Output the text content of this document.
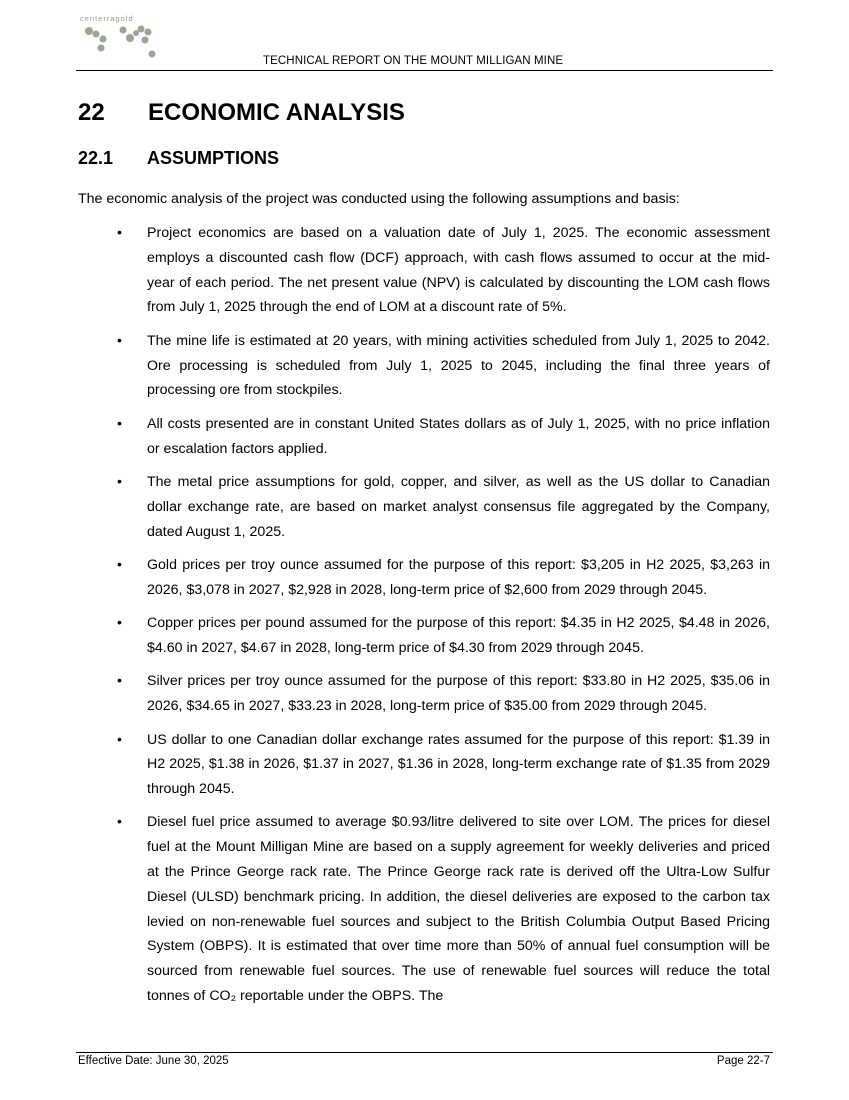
centerragold
TECHNICAL REPORT ON THE MOUNT MILLIGAN MINE
22 ECONOMIC ANALYSIS
22.1 ASSUMPTIONS

The economic analysis of the project was conducted using the following assumptions and basis:

• Project economics are based on a valuation date of July 1, 2025. The economic assessment employs a discounted cash flow (DCF) approach, with cash flows assumed to occur at the mid-year of each period. The net present value (NPV) is calculated by discounting the LOM cash flows from July 1, 2025 through the end of LOM at a discount rate of 5%.
• The mine life is estimated at 20 years, with mining activities scheduled from July 1, 2025 to 2042. Ore processing is scheduled from July 1, 2025 to 2045, including the final three years of processing ore from stockpiles.
• All costs presented are in constant United States dollars as of July 1, 2025, with no price inflation or escalation factors applied.
• The metal price assumptions for gold, copper, and silver, as well as the US dollar to Canadian dollar exchange rate, are based on market analyst consensus file aggregated by the Company, dated August 1, 2025.
• Gold prices per troy ounce assumed for the purpose of this report: $3,205 in H2 2025, $3,263 in 2026, $3,078 in 2027, $2,928 in 2028, long-term price of $2,600 from 2029 through 2045.
• Copper prices per pound assumed for the purpose of this report: $4.35 in H2 2025, $4.48 in 2026, $4.60 in 2027, $4.67 in 2028, long-term price of $4.30 from 2029 through 2045.
• Silver prices per troy ounce assumed for the purpose of this report: $33.80 in H2 2025, $35.06 in 2026, $34.65 in 2027, $33.23 in 2028, long-term price of $35.00 from 2029 through 2045.
• US dollar to one Canadian dollar exchange rates assumed for the purpose of this report: $1.39 in H2 2025, $1.38 in 2026, $1.37 in 2027, $1.36 in 2028, long-term exchange rate of $1.35 from 2029 through 2045.
• Diesel fuel price assumed to average $0.93/litre delivered to site over LOM. The prices for diesel fuel at the Mount Milligan Mine are based on a supply agreement for weekly deliveries and priced at the Prince George rack rate. The Prince George rack rate is derived off the Ultra-Low Sulfur Diesel (ULSD) benchmark pricing. In addition, the diesel deliveries are exposed to the carbon tax levied on non-renewable fuel sources and subject to the British Columbia Output Based Pricing System (OBPS). It is estimated that over time more than 50% of annual fuel consumption will be sourced from renewable fuel sources. The use of renewable fuel sources will reduce the total tonnes of CO₂ reportable under the OBPS. The
Effective Date: June 30, 2025	Page 22-7
